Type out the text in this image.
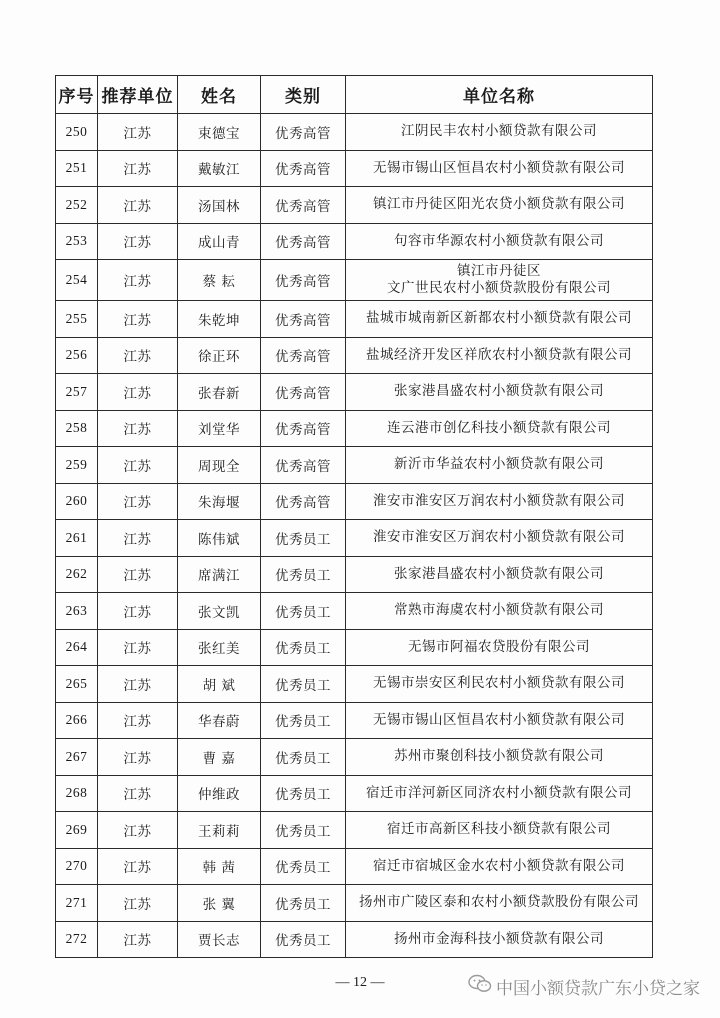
序号	推荐单位	姓名	类别	单位名称
250	江苏	束德宝	优秀高管	江阴民丰农村小额贷款有限公司
251	江苏	戴敏江	优秀高管	无锡市锡山区恒昌农村小额贷款有限公司
252	江苏	汤国林	优秀高管	镇江市丹徒区阳光农贷小额贷款有限公司
253	江苏	成山青	优秀高管	句容市华源农村小额贷款有限公司
254	江苏	蔡 耘	优秀高管	镇江市丹徒区
文广世民农村小额贷款股份有限公司

255	江苏	朱乾坤	优秀高管	盐城市城南新区新都农村小额贷款有限公司
256	江苏	徐正环	优秀高管	盐城经济开发区祥欣农村小额贷款有限公司
257	江苏	张春新	优秀高管	张家港昌盛农村小额贷款有限公司
258	江苏	刘堂华	优秀高管	连云港市创亿科技小额贷款有限公司
259	江苏	周现全	优秀高管	新沂市华益农村小额贷款有限公司
260	江苏	朱海堰	优秀高管	淮安市淮安区万润农村小额贷款有限公司
261	江苏	陈伟斌	优秀员工	淮安市淮安区万润农村小额贷款有限公司
262	江苏	席满江	优秀员工	张家港昌盛农村小额贷款有限公司
263	江苏	张文凯	优秀员工	常熟市海虞农村小额贷款有限公司
264	江苏	张红美	优秀员工	无锡市阿福农贷股份有限公司
265	江苏	胡 斌	优秀员工	无锡市崇安区利民农村小额贷款有限公司
266	江苏	华春蔚	优秀员工	无锡市锡山区恒昌农村小额贷款有限公司
267	江苏	曹 嘉	优秀员工	苏州市聚创科技小额贷款有限公司
268	江苏	仲维政	优秀员工	宿迁市洋河新区同济农村小额贷款有限公司
269	江苏	王莉莉	优秀员工	宿迁市高新区科技小额贷款有限公司
270	江苏	韩 茜	优秀员工	宿迁市宿城区金水农村小额贷款有限公司
271	江苏	张 翼	优秀员工	扬州市广陵区泰和农村小额贷款股份有限公司
272	江苏	贾长志	优秀员工	扬州市金海科技小额贷款有限公司
— 12 —	中国小额贷款广东小贷之家
